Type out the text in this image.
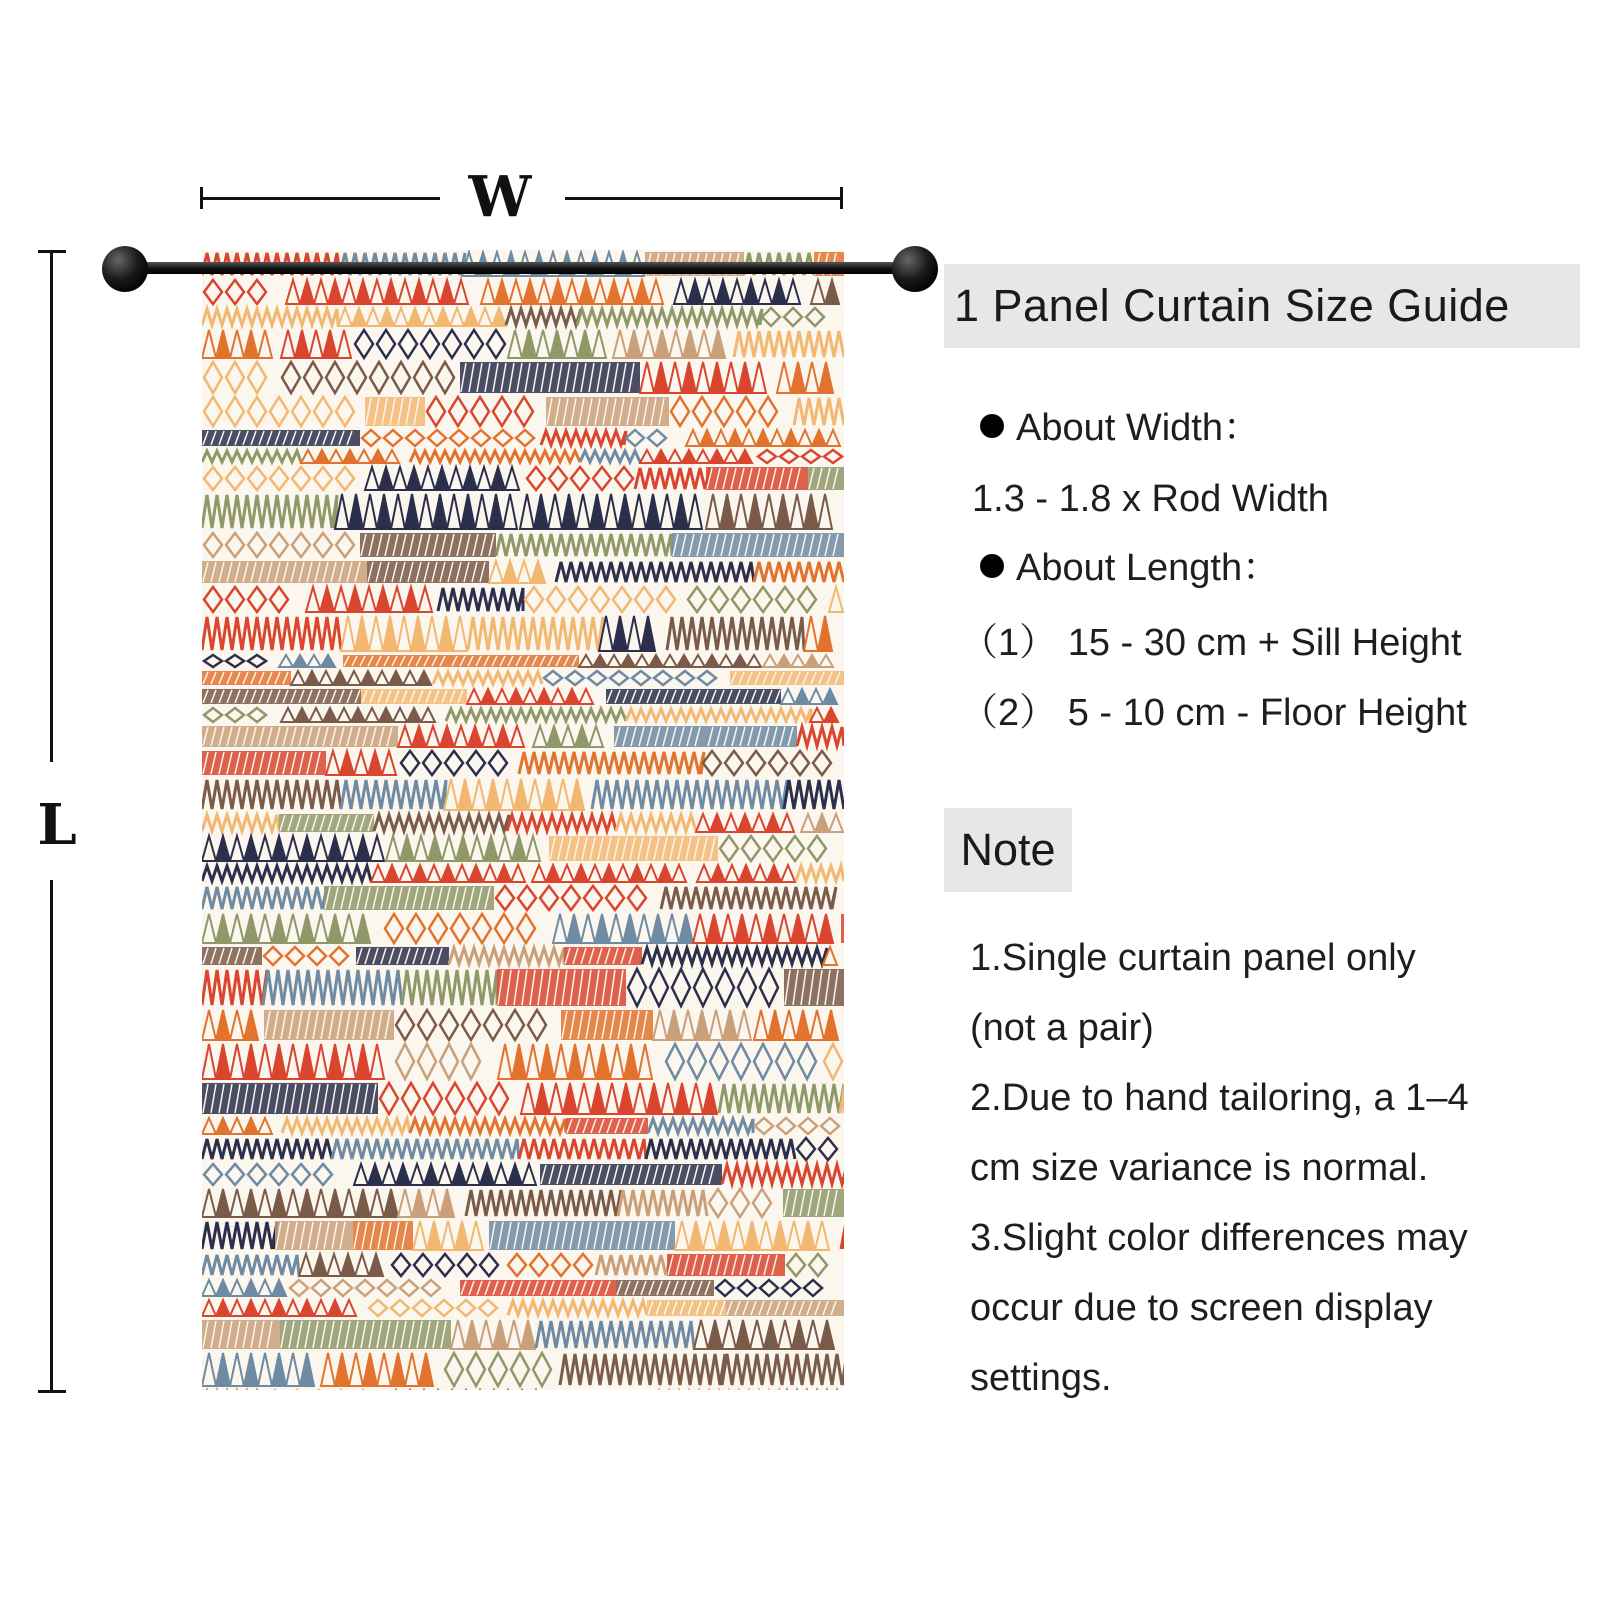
W
L
1 Panel Curtain Size Guide
About Width：
1.3 - 1.8 x Rod Width
About Length：
（1） 15 - 30 cm + Sill Height
（2） 5 - 10 cm - Floor Height
Note
1.Single curtain panel only
(not a pair)
2.Due to hand tailoring, a 1–4
cm size variance is normal.
3.Slight color differences may
occur due to screen display
settings.
